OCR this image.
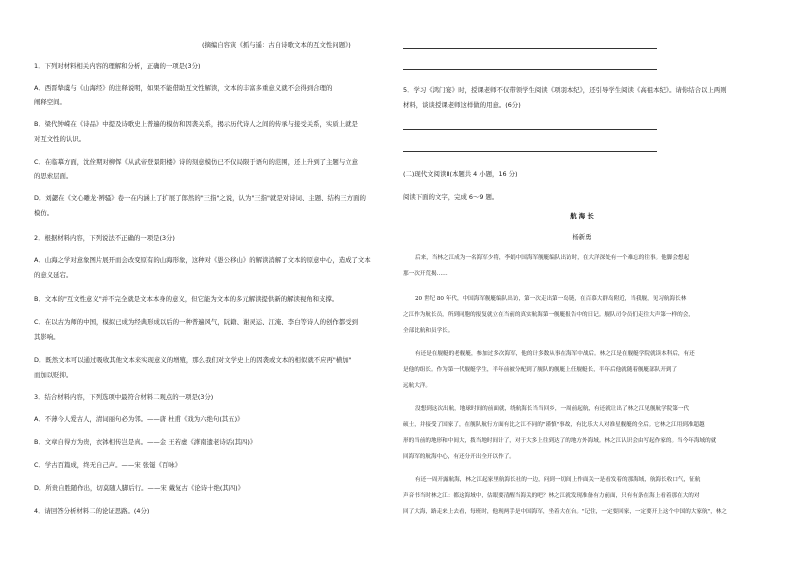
(摘编自容寅《抓与遥：古自诗歌文本的互文性问题》)
1．下列对材料相关内容的理解和分析，正确的一项是(3分)
A．西晋挚虞与《山海经》的注释说明，如果不能借助互文性解读，文本的丰富多重意义就不会得到合理的
阐释空间。
B．梁代钟嵘在《诗品》中提及诗歌史上普遍的模仿和因袭关系，揭示历代诗人之间的传承与接受关系，实质上就是
对互文性的认识。
C．在临摹方面，沈佺期对柳恽《从武帝登景阳楼》诗的刻意模仿已不仅局限于语句的范围，还上升到了主题与立意
的思索层面。
D．刘勰在《文心雕龙·辨骚》卷一在内涵上了扩展了郎然的"三指"之说，认为"三指"就是对诗词、主题、结构三方面的
模仿。
2．根据材料内容，下列说法不正确的一项是(3分)
A．山海之学对意象图片展开而会改变原有的山海形象，这种对《愚公移山》的解读消解了文本的原意中心，造成了文本
的意义延宕。
B．文本的"互文性意义"并不完全就是文本本身的意义，但它能为文本的多元解读提供新的解读视角和支撑。
C．在以古为师的中国，模拟已成为经典形成以后的一种普遍风气，阮籍、谢灵运、江淹、李白等诗人的创作都受到
其影响。
D．既然文本可以通过吸收其他文本来实现意义的增殖，那么我们对文学史上的因袭或文本的相似就不应再"横加"
而加以贬抑。
3．结合材料内容，下列选项中最符合材料二观点的一项是(3分)
A．不薄今人爱古人，清词丽句必为邻。——唐 杜甫《戏为六绝句(其五)》
B．文章自得方为贵，衣钵相传岂是真。——金 王若虚《滹南遗老诗话(其四)》
C．学古百篇成，终无自己声。——宋 张镃《百咏》
D．所贵自胜随作出，切莫随人脚后行。——宋 戴复古《论诗十绝(其四)》
4．请回答分析材料二的论证思路。(4分)
5．学习《鸿门宴》时，授课老师不仅带领学生阅读《项羽本纪》，还引导学生阅读《高祖本纪》。请你结合以上两则
材料，谈谈授课老师这样做的用意。(6分)
(二)现代文阅读Ⅱ(本题共 4 小题，16 分)
阅读下面的文字，完成 6～9 题。
航 海 长
杨新勇
后来，当林之江成为一名海军少将，李娟中国海军舰艇编队出访时，在大洋深处有一个难忘的往事。他脚会想起
那一次开荒揭……
20 世纪 80 年代，中国海军舰艇编队出访，第一次走出第一岛链，在百慕大群岛附近，当我舰，见习航海长林
之江作为航长员，所到同胞的报复就立在当前的真实航海第一舰艇报告中的日记。舰队司令员们走往大声第一样的会，
全部比航和员学长。
有还是在舰艇的老舰艇，参加过多次海军，他的计多数从事在海军中战后。林之江是在舰艇学院就读本科后，有还
是他的组长。作为第一代舰艇学生，半年前被分配到了舰队的舰艇上任舰艇长，半年后他就随着舰艇部队开到了
远航大洋。
没想到这次出航，地球时间的前面就，绕航海长当当回乡，一周前起航，有还就让出了林之江见舰航学院第一代
硕士，并接受了国家了，在舰队航行方面有比之江不同的"谨慎"事故，有比乐大人对准星舰艇的全后。它林之江用到准超越
形的当前的地形和中间大，拨当地时间计了，对于大多上往到达了的地方外海域。林之江认识会由写起作家的。当今年海域的就
回海军的航海中心，有还分开出全开以作了。
有还一周开露航海，林之江起家里航海长社的一边，问到一切间上作面关一是看发着的那海域，航海长收口气，征航
声音书当时林之江：都这海域中，估眼要清醒当海关的吧？林之江就发现准备有力前面，只有有条在海上看着那在大的对
回了大海，路走来上去看，每班时，他现两手是中国海军，坐着大在台。"记住，一定要回家，一定要开上这个中国的大家航"，林之
